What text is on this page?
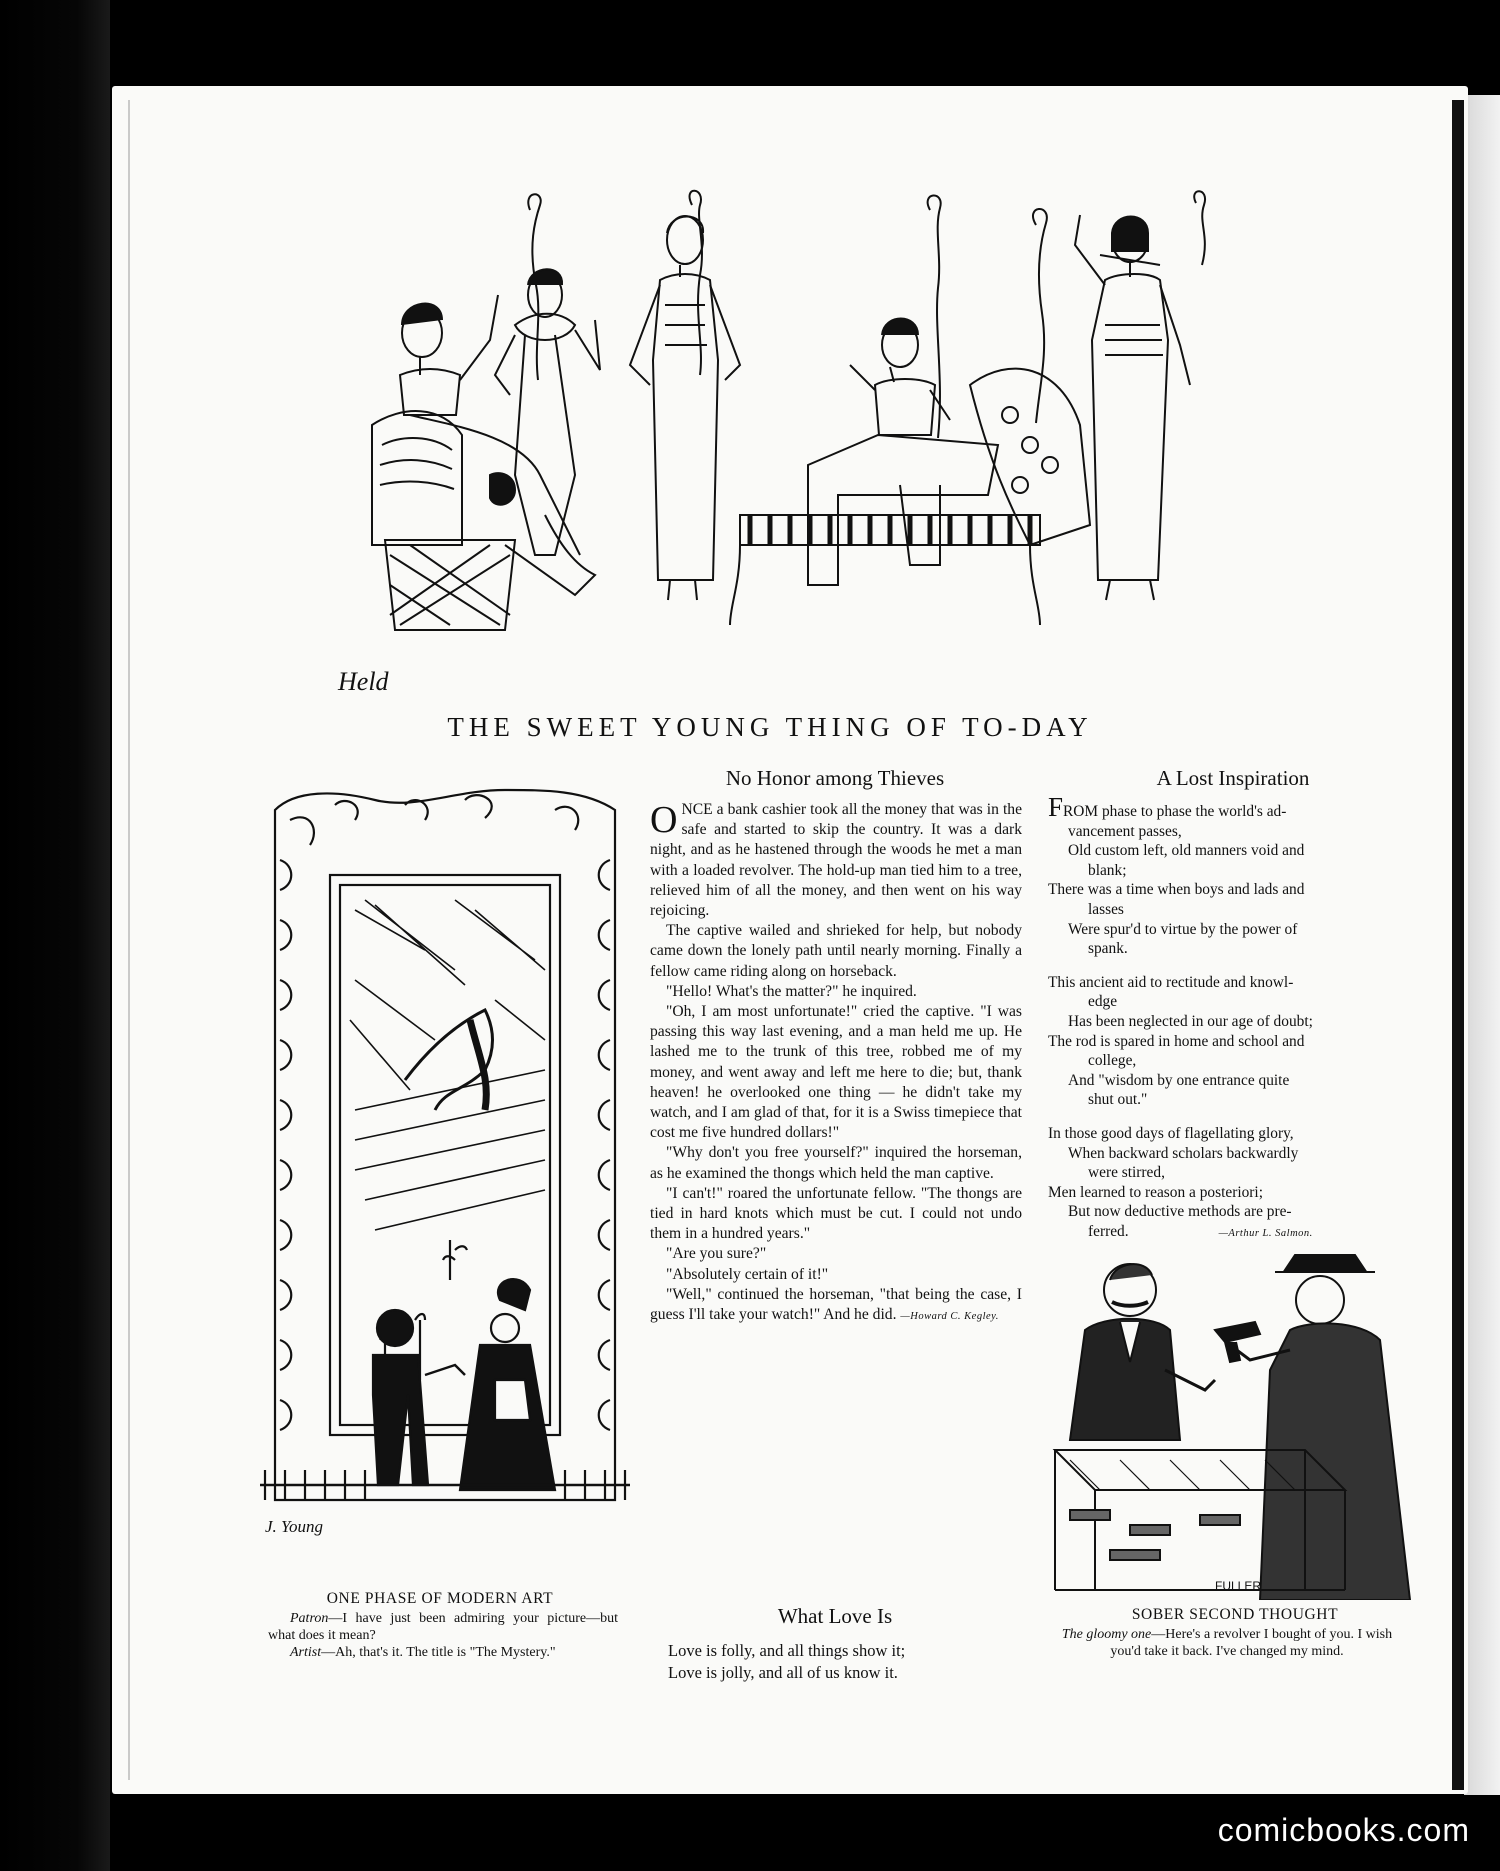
Held
THE SWEET YOUNG THING OF TO-DAY
J. Young
ONE PHASE OF MODERN ART
Patron—I have just been admiring your picture—but what does it mean?
Artist—Ah, that's it. The title is "The Mystery."
No Honor among Thieves

ONCE a bank cashier took all the money that was in the safe and started to skip the country. It was a dark night, and as he hastened through the woods he met a man with a loaded revolver. The hold-up man tied him to a tree, relieved him of all the money, and then went on his way rejoicing.

The captive wailed and shrieked for help, but nobody came down the lonely path until nearly morning. Finally a fellow came riding along on horseback.

"Hello! What's the matter?" he inquired.

"Oh, I am most unfortunate!" cried the captive. "I was passing this way last evening, and a man held me up. He lashed me to the trunk of this tree, robbed me of my money, and went away and left me here to die; but, thank heaven! he overlooked one thing — he didn't take my watch, and I am glad of that, for it is a Swiss timepiece that cost me five hundred dollars!"

"Why don't you free yourself?" inquired the horseman, as he examined the thongs which held the man captive.

"I can't!" roared the unfortunate fellow. "The thongs are tied in hard knots which must be cut. I could not undo them in a hundred years."

"Are you sure?"

"Absolutely certain of it!"

"Well," continued the horseman, "that being the case, I guess I'll take your watch!" And he did. —Howard C. Kegley.

What Love Is
Love is folly, and all things show it;
Love is jolly, and all of us know it.
A Lost Inspiration
FROM phase to phase the world's ad-
vancement passes,
Old custom left, old manners void and
blank;
There was a time when boys and lads and
lasses
Were spur'd to virtue by the power of
spank.
This ancient aid to rectitude and knowl-
edge
Has been neglected in our age of doubt;
The rod is spared in home and school and
college,
And "wisdom by one entrance quite
shut out."
In those good days of flagellating glory,
When backward scholars backwardly
were stirred,
Men learned to reason a posteriori;
But now deductive methods are pre-
ferred.	—Arthur L. Salmon.
FULLER
SOBER SECOND THOUGHT
The gloomy one—Here's a revolver I bought of you. I wish you'd take it back. I've changed my mind.
comicbooks.com
